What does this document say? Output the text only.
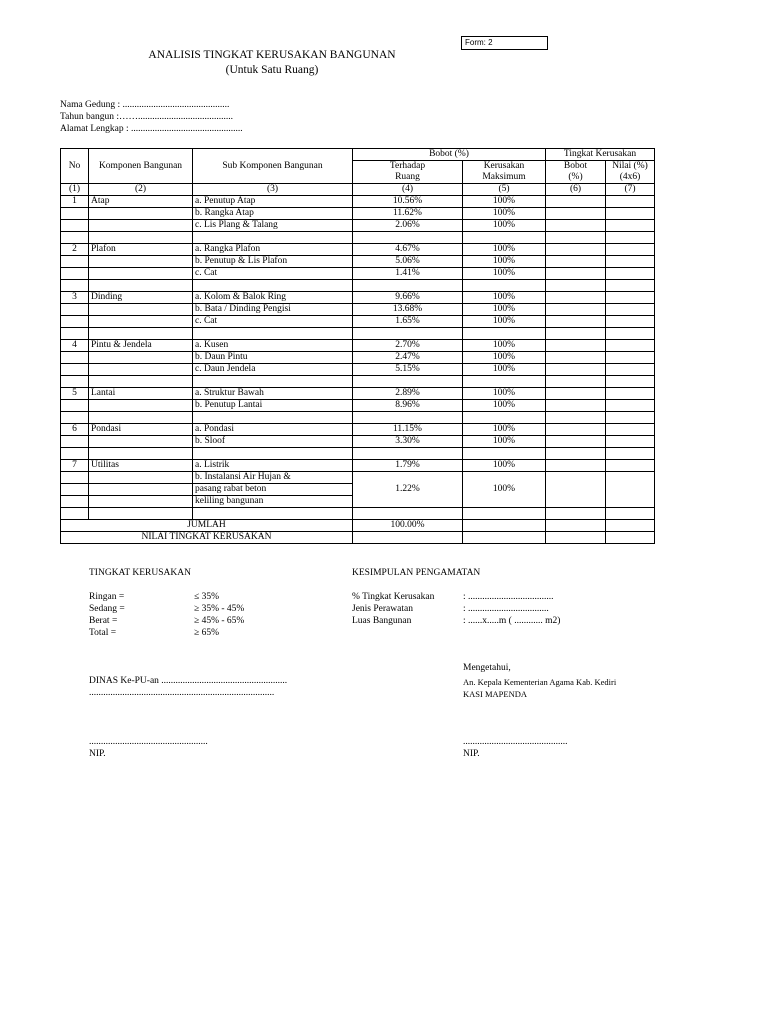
Form: 2
ANALISIS TINGKAT KERUSAKAN BANGUNAN
(Untuk Satu Ruang)
Nama Gedung : .............................................
Tahun bangun :……........................................
Alamat Lengkap : ...............................................
No	Komponen Bangunan	Sub Komponen Bangunan	Bobot (%)		Tingkat Kerusakan	
			Terhadap	Kerusakan	Bobot	Nilai (%)
			Ruang	Maksimum	(%)	(4x6)
(1)	(2)	(3)	(4)	(5)	(6)	(7)
1	Atap	a. Penutup Atap	10.56%	100%		
		b. Rangka Atap	11.62%	100%		
		c. Lis Plang & Talang	2.06%	100%		

2	Plafon	a. Rangka Plafon	4.67%	100%		
		b. Penutup & Lis Plafon	5.06%	100%		
		c. Cat	1.41%	100%		

3	Dinding	a. Kolom & Balok Ring	9.66%	100%		
		b. Bata / Dinding Pengisi	13.68%	100%		
		c. Cat	1.65%	100%		

4	Pintu & Jendela	a. Kusen	2.70%	100%		
		b. Daun Pintu	2.47%	100%		
		c. Daun Jendela	5.15%	100%		

5	Lantai	a. Struktur Bawah	2.89%	100%		
		b. Penutup Lantai	8.96%	100%		

6	Pondasi	a. Pondasi	11.15%	100%		
		b. Sloof	3.30%	100%		

7	Utilitas	a. Listrik	1.79%	100%		
		b. Instalansi Air Hujan &	1.22%	100%		
		pasang rabat beton				
		keliling bangunan				

JUMLAH			100.00%			
NILAI TINGKAT KERUSAKAN						
TINGKAT KERUSAKAN	KESIMPULAN PENGAMATAN
DINAS Ke-PU-an .....................................................
..............................................................................
..................................................
NIP.
Mengetahui,
An. Kepala Kementerian Agama Kab. Kediri
KASI MAPENDA
............................................
NIP.
Ringan =	≤ 35%
Sedang =	≥ 35% - 45%
Berat =	≥ 45% - 65%
Total =	≥ 65%
% Tingkat Kerusakan	: ....................................
Jenis Perawatan	: ..................................
Luas Bangunan	: ......x.....m ( ............ m2)
